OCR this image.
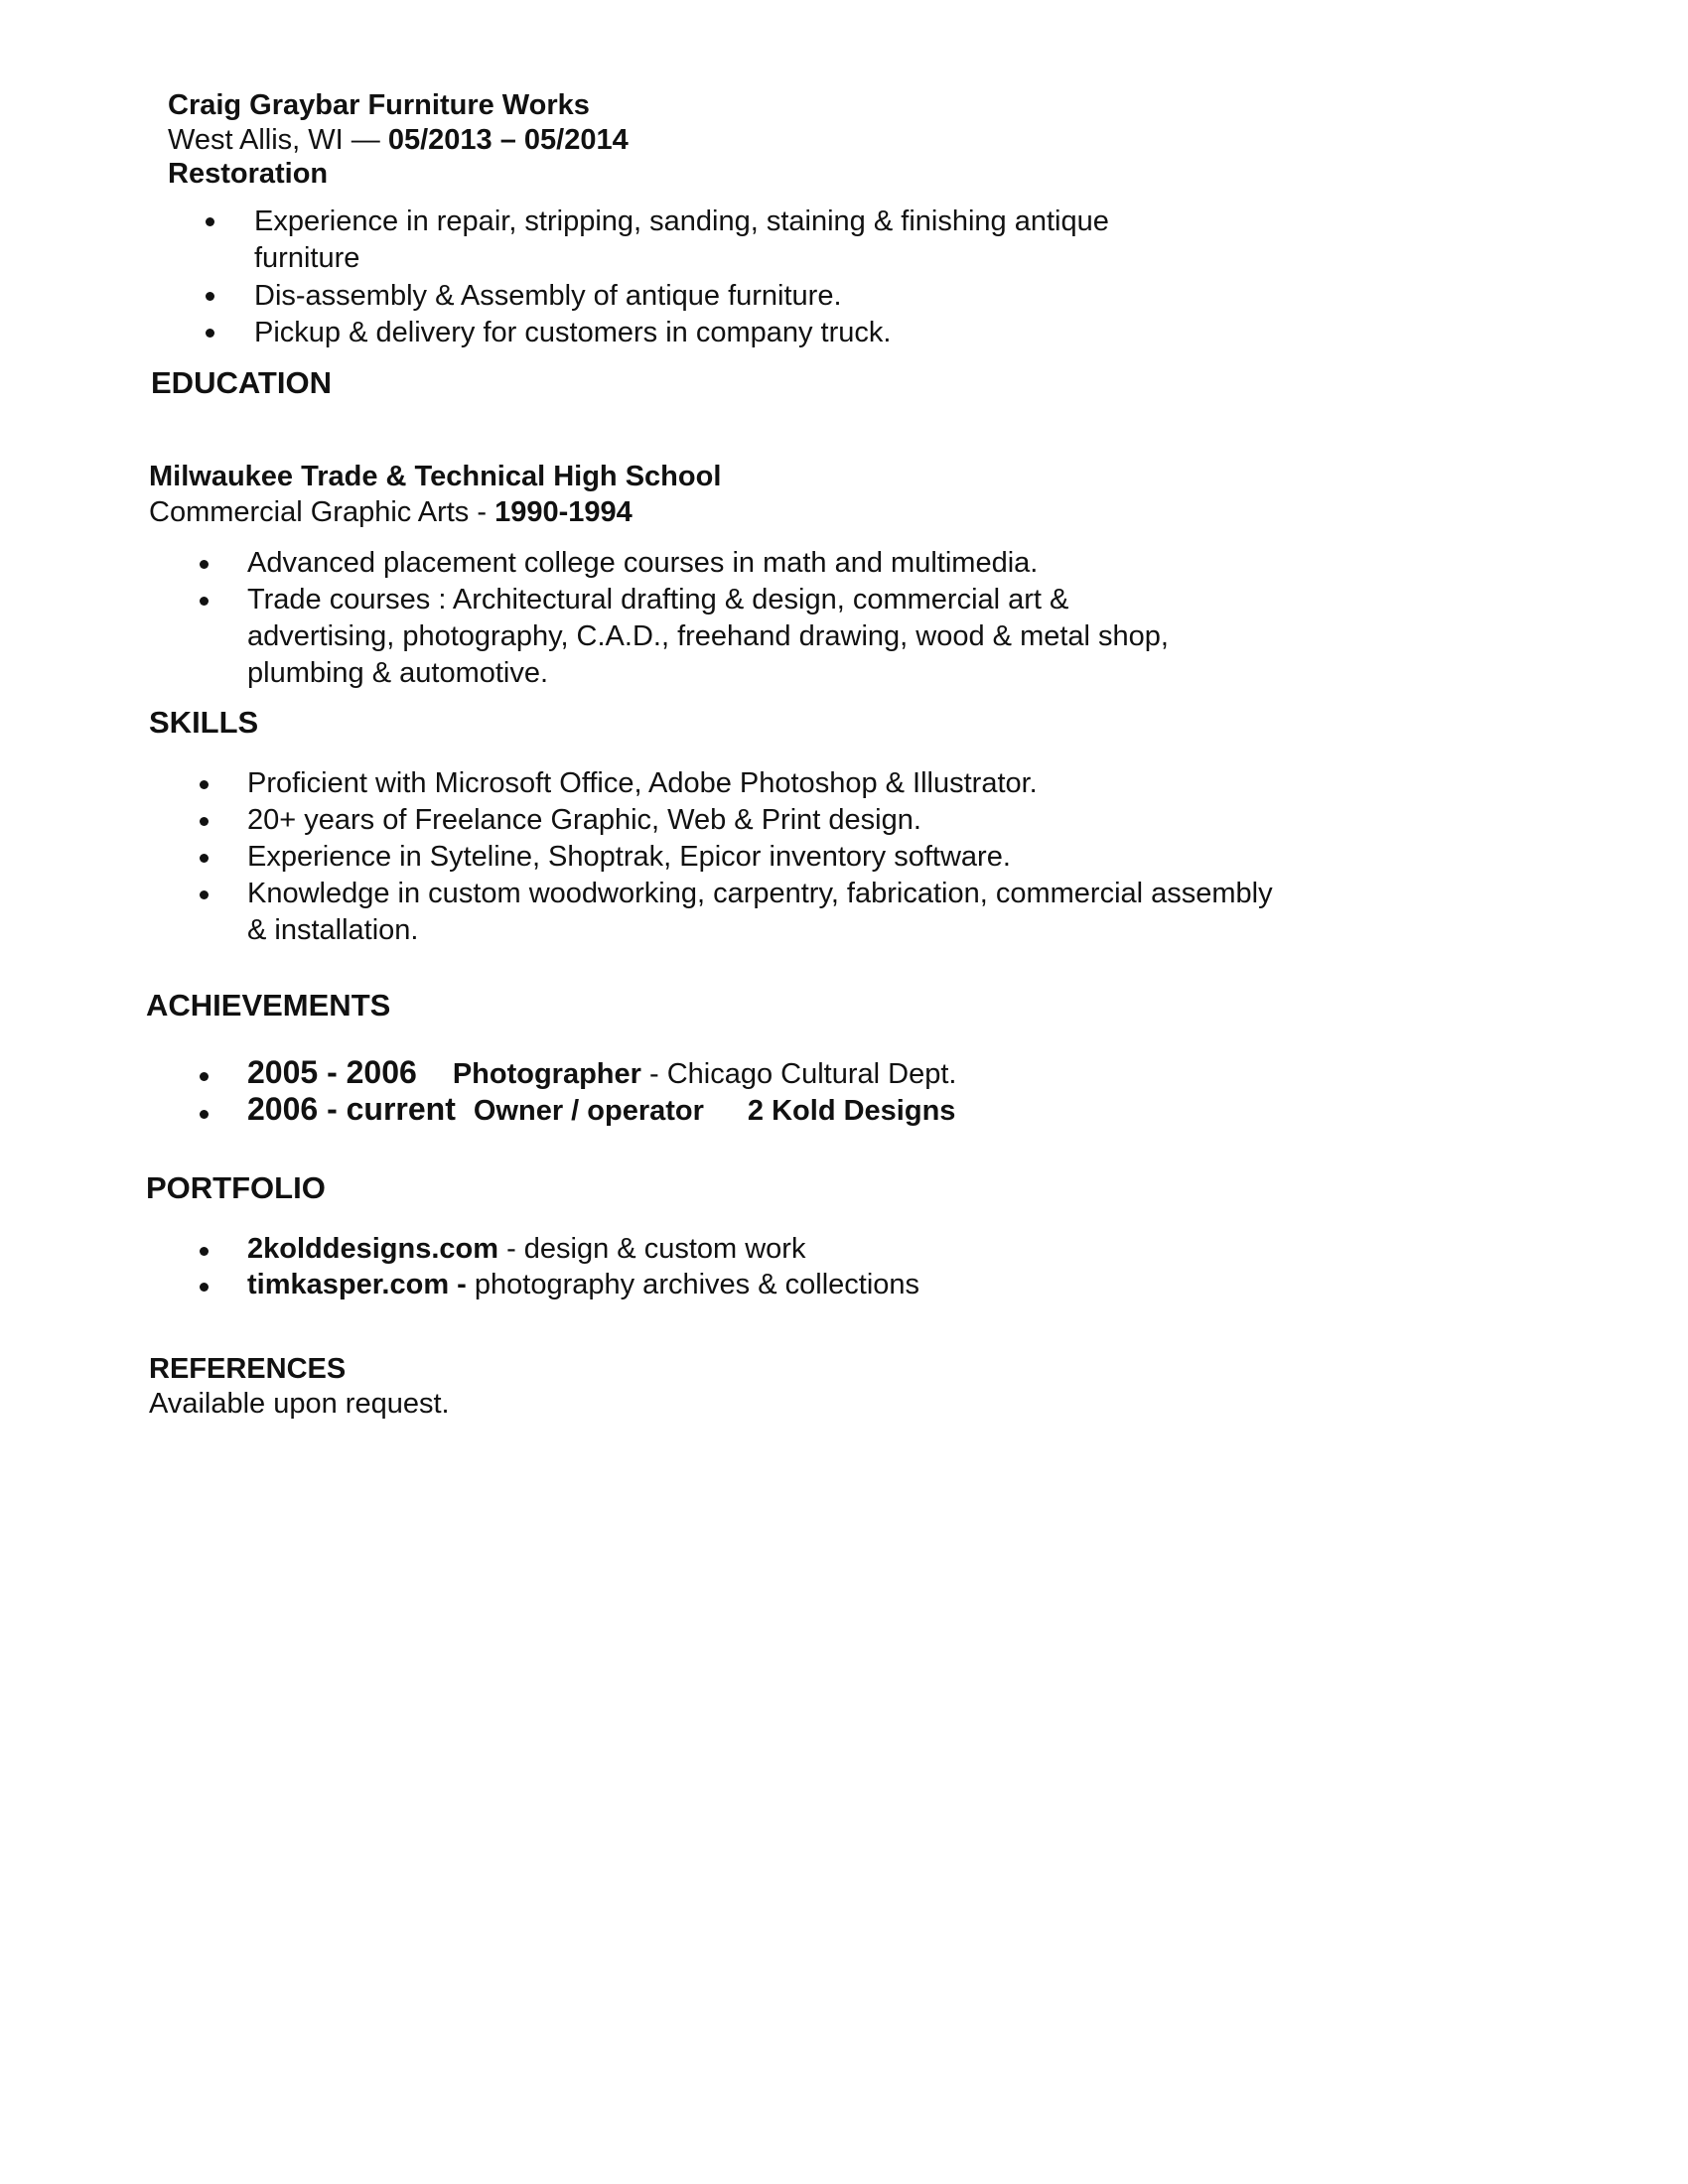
Craig Graybar Furniture Works
West Allis, WI — 05/2013 – 05/2014
Restoration
Experience in repair, stripping, sanding, staining & finishing antique
furniture
Dis-assembly & Assembly of antique furniture.
Pickup & delivery for customers in company truck.
EDUCATION
Milwaukee Trade & Technical High School
Commercial Graphic Arts - 1990-1994
Advanced placement college courses in math and multimedia.
Trade courses : Architectural drafting & design, commercial art &
advertising, photography, C.A.D., freehand drawing, wood & metal shop,
plumbing & automotive.
SKILLS
Proficient with Microsoft Office, Adobe Photoshop & Illustrator.
20+ years of Freelance Graphic, Web & Print design.
Experience in Syteline, Shoptrak, Epicor inventory software.
Knowledge in custom woodworking, carpentry, fabrication, commercial assembly
& installation.
ACHIEVEMENTS
2005 - 2006 Photographer - Chicago Cultural Dept.
2006 - current Owner / operator 2 Kold Designs
PORTFOLIO
2kolddesigns.com - design & custom work
timkasper.com - photography archives & collections
REFERENCES
Available upon request.
